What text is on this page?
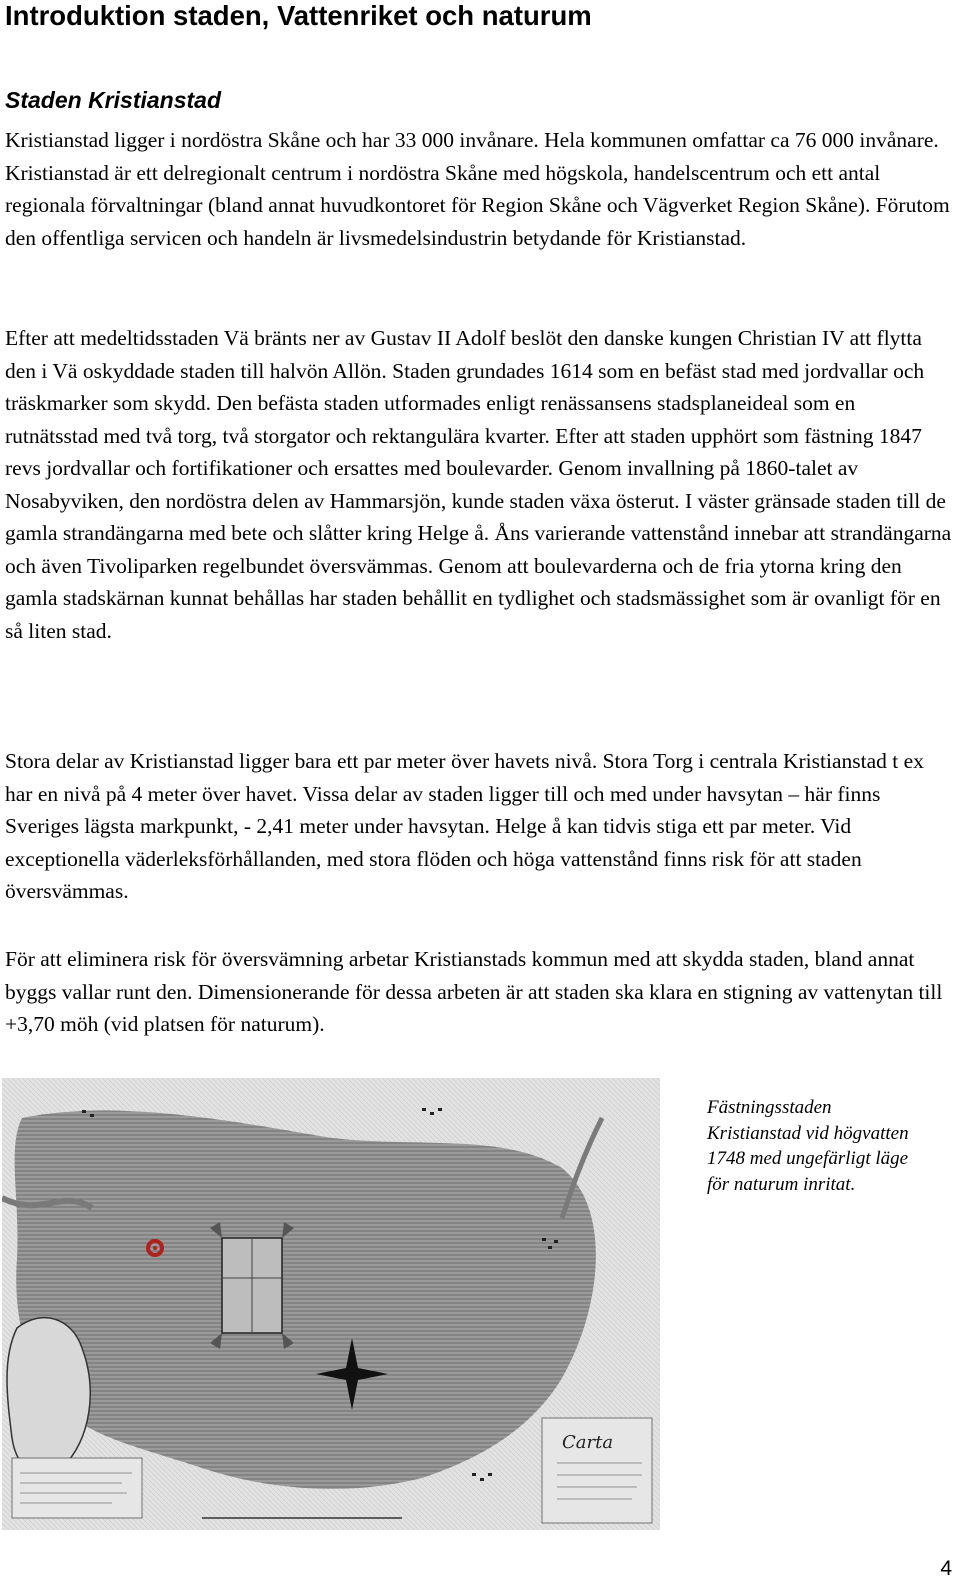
Introduktion staden, Vattenriket och naturum
Staden Kristianstad

Kristianstad ligger i nordöstra Skåne och har 33 000 invånare. Hela kommunen omfattar ca 76 000 invånare. Kristianstad är ett delregionalt centrum i nordöstra Skåne med högskola, handelscentrum och ett antal regionala förvaltningar (bland annat huvudkontoret för Region Skåne och Vägverket Region Skåne). Förutom den offentliga servicen och handeln är livsmedelsindustrin betydande för Kristianstad.

Efter att medeltidsstaden Vä bränts ner av Gustav II Adolf beslöt den danske kungen Christian IV att flytta den i Vä oskyddade staden till halvön Allön. Staden grundades 1614 som en befäst stad med jordvallar och träskmarker som skydd. Den befästa staden utformades enligt renässansens stadsplaneideal som en rutnätsstad med två torg, två storgator och rektangulära kvarter. Efter att staden upphört som fästning 1847 revs jordvallar och fortifikationer och ersattes med boulevarder. Genom invallning på 1860-talet av Nosabyviken, den nordöstra delen av Hammarsjön, kunde staden växa österut. I väster gränsade staden till de gamla strandängarna med bete och slåtter kring Helge å. Åns varierande vattenstånd innebar att strandängarna och även Tivoliparken regelbundet översvämmas. Genom att boulevarderna och de fria ytorna kring den gamla stadskärnan kunnat behållas har staden behållit en tydlighet och stadsmässighet som är ovanligt för en så liten stad.

Stora delar av Kristianstad ligger bara ett par meter över havets nivå. Stora Torg i centrala Kristianstad t ex har en nivå på 4 meter över havet. Vissa delar av staden ligger till och med under havsytan – här finns Sveriges lägsta markpunkt, - 2,41 meter under havsytan. Helge å kan tidvis stiga ett par meter. Vid exceptionella väderleksförhållanden, med stora flöden och höga vattenstånd finns risk för att staden översvämmas.

För att eliminera risk för översvämning arbetar Kristianstads kommun med att skydda staden, bland annat byggs vallar runt den. Dimensionerande för dessa arbeten är att staden ska klara en stigning av vattenytan till +3,70 möh (vid platsen för naturum).

Carta

Fästningsstaden Kristianstad vid högvatten 1748 med ungefärligt läge för naturum inritat.

4
